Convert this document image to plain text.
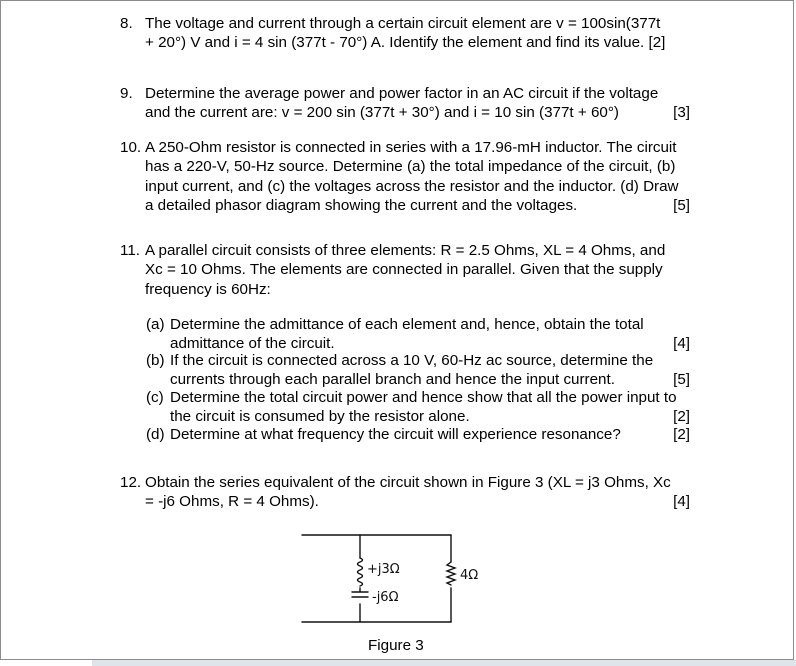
8. The voltage and current through a certain circuit element are v = 100sin(377t
+ 20°) V and i = 4 sin (377t - 70°) A. Identify the element and find its value. [2]
9. Determine the average power and power factor in an AC circuit if the voltage
and the current are: v = 200 sin (377t + 30°) and i = 10 sin (377t + 60°)	[3]
10. A 250-Ohm resistor is connected in series with a 17.96-mH inductor. The circuit
has a 220-V, 50-Hz source. Determine (a) the total impedance of the circuit, (b)
input current, and (c) the voltages across the resistor and the inductor. (d) Draw
a detailed phasor diagram showing the current and the voltages.	[5]
11. A parallel circuit consists of three elements: R = 2.5 Ohms, XL = 4 Ohms, and
Xc = 10 Ohms. The elements are connected in parallel. Given that the supply
frequency is 60Hz:
(a) Determine the admittance of each element and, hence, obtain the total
admittance of the circuit.	[4]
(b) If the circuit is connected across a 10 V, 60-Hz ac source, determine the
currents through each parallel branch and hence the input current.	[5]
(c) Determine the total circuit power and hence show that all the power input to
the circuit is consumed by the resistor alone.	[2]
(d) Determine at what frequency the circuit will experience resonance?	[2]
12. Obtain the series equivalent of the circuit shown in Figure 3 (XL = j3 Ohms, Xc
= -j6 Ohms, R = 4 Ohms).	[4]
+j3Ω
-j6Ω
4Ω
Figure 3
